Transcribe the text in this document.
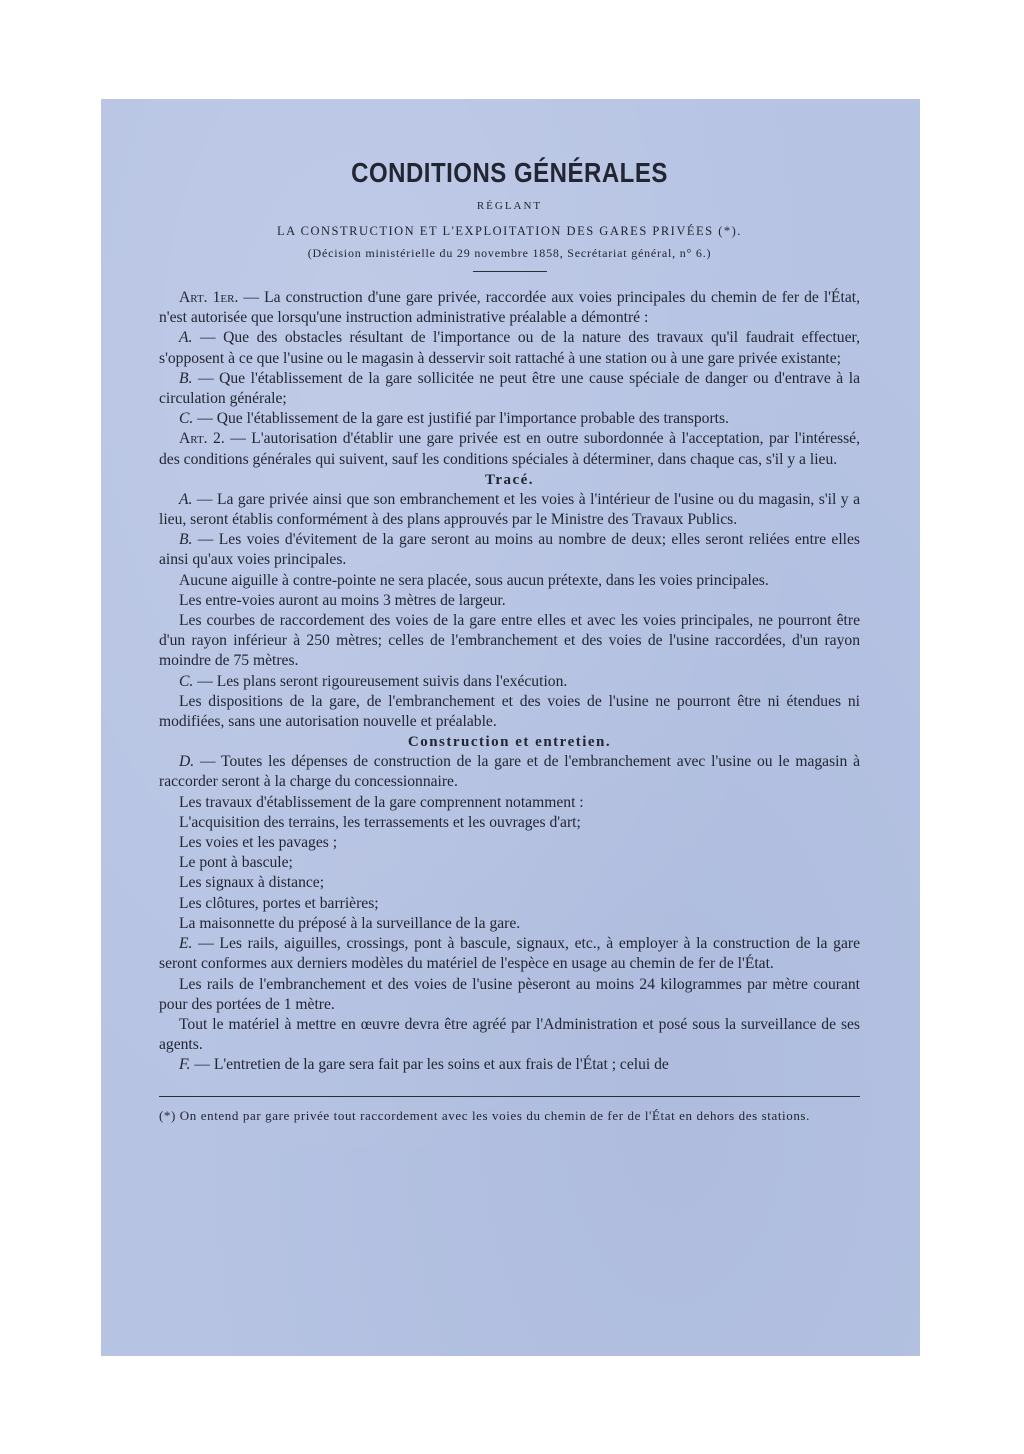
CONDITIONS GÉNÉRALES
RÉGLANT
LA CONSTRUCTION ET L'EXPLOITATION DES GARES PRIVÉES (*).
(Décision ministérielle du 29 novembre 1858, Secrétariat général, n° 6.)

Art. 1er. — La construction d'une gare privée, raccordée aux voies principales du chemin de fer de l'État, n'est autorisée que lorsqu'une instruction administrative préalable a démontré :

A. — Que des obstacles résultant de l'importance ou de la nature des travaux qu'il faudrait effectuer, s'opposent à ce que l'usine ou le magasin à desservir soit rattaché à une station ou à une gare privée existante;

B. — Que l'établissement de la gare sollicitée ne peut être une cause spéciale de danger ou d'entrave à la circulation générale;

C. — Que l'établissement de la gare est justifié par l'importance probable des transports.

Art. 2. — L'autorisation d'établir une gare privée est en outre subordonnée à l'acceptation, par l'intéressé, des conditions générales qui suivent, sauf les conditions spéciales à déterminer, dans chaque cas, s'il y a lieu.

Tracé.

A. — La gare privée ainsi que son embranchement et les voies à l'intérieur de l'usine ou du magasin, s'il y a lieu, seront établis conformément à des plans approuvés par le Ministre des Travaux Publics.

B. — Les voies d'évitement de la gare seront au moins au nombre de deux; elles seront reliées entre elles ainsi qu'aux voies principales.

Aucune aiguille à contre-pointe ne sera placée, sous aucun prétexte, dans les voies principales.

Les entre-voies auront au moins 3 mètres de largeur.

Les courbes de raccordement des voies de la gare entre elles et avec les voies principales, ne pourront être d'un rayon inférieur à 250 mètres; celles de l'embranchement et des voies de l'usine raccordées, d'un rayon moindre de 75 mètres.

C. — Les plans seront rigoureusement suivis dans l'exécution.

Les dispositions de la gare, de l'embranchement et des voies de l'usine ne pourront être ni étendues ni modifiées, sans une autorisation nouvelle et préalable.

Construction et entretien.

D. — Toutes les dépenses de construction de la gare et de l'embranchement avec l'usine ou le magasin à raccorder seront à la charge du concessionnaire.

Les travaux d'établissement de la gare comprennent notamment :

L'acquisition des terrains, les terrassements et les ouvrages d'art;

Les voies et les pavages ;

Le pont à bascule;

Les signaux à distance;

Les clôtures, portes et barrières;

La maisonnette du préposé à la surveillance de la gare.

E. — Les rails, aiguilles, crossings, pont à bascule, signaux, etc., à employer à la construction de la gare seront conformes aux derniers modèles du matériel de l'espèce en usage au chemin de fer de l'État.

Les rails de l'embranchement et des voies de l'usine pèseront au moins 24 kilogrammes par mètre courant pour des portées de 1 mètre.

Tout le matériel à mettre en œuvre devra être agréé par l'Administration et posé sous la surveillance de ses agents.

F. — L'entretien de la gare sera fait par les soins et aux frais de l'État ; celui de

(*) On entend par gare privée tout raccordement avec les voies du chemin de fer de l'État en dehors des stations.
